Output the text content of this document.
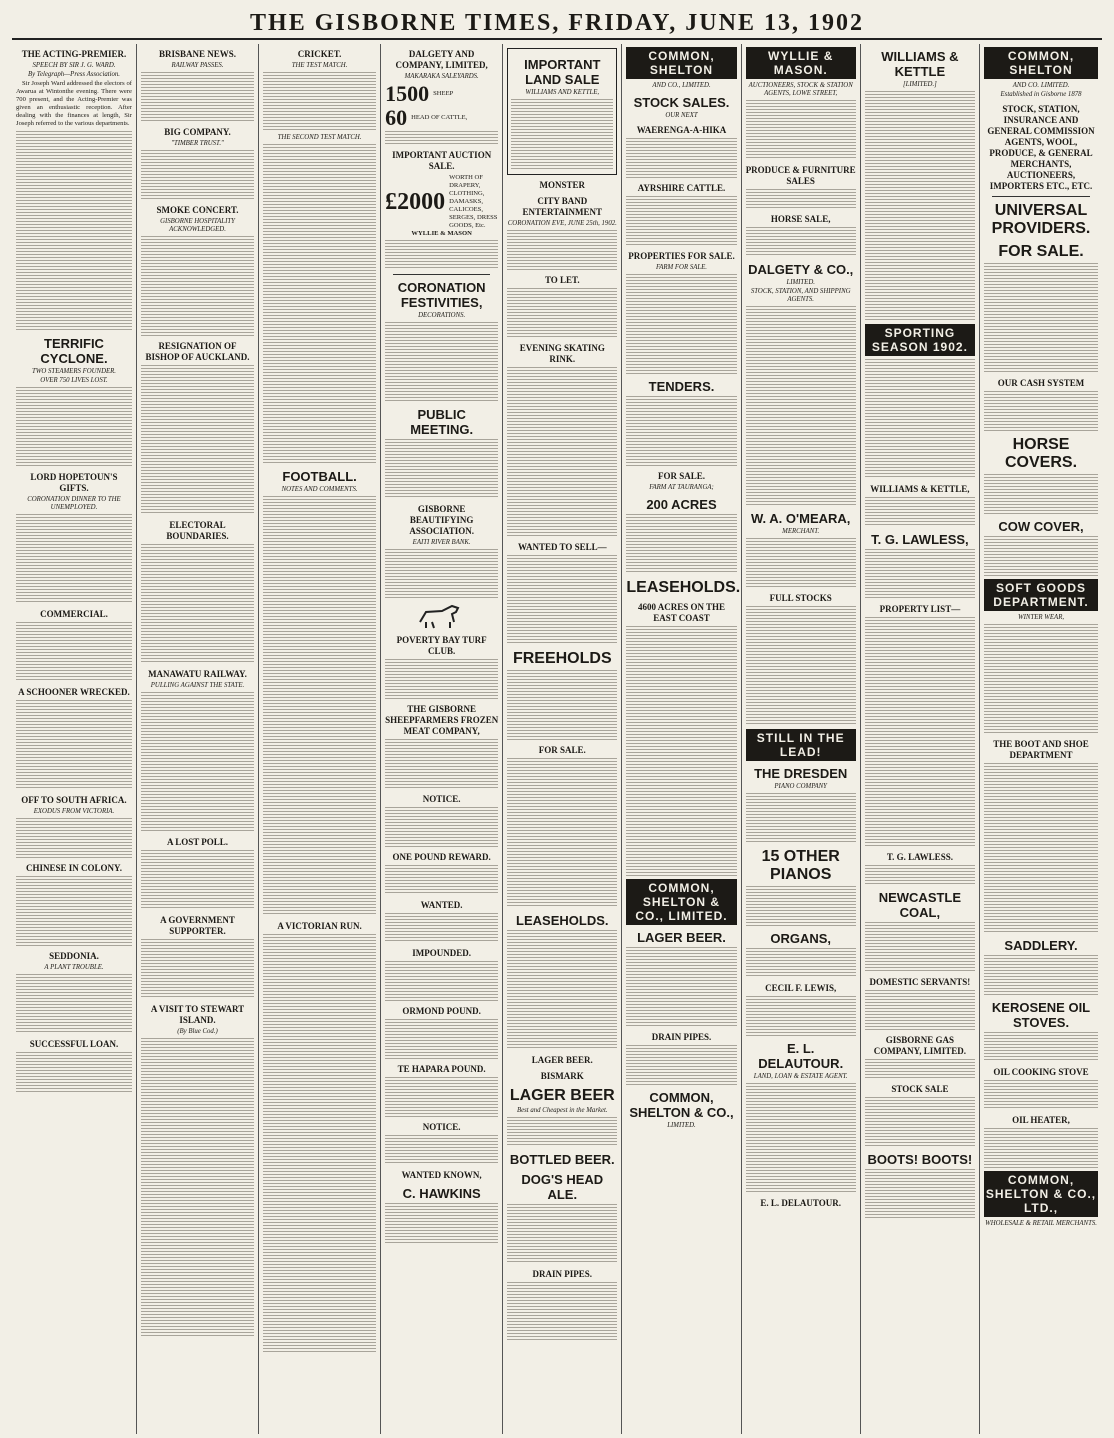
THE GISBORNE TIMES, FRIDAY, JUNE 13, 1902
THE ACTING-PREMIER.
SPEECH BY SIR J. G. WARD.
By Telegraph—Press Association.
Sir Joseph Ward addressed the electors of Awarua at Wintonthe evening. There were 700 present, and the Acting-Premier was given an enthusiastic reception. After dealing with the finances at length, Sir Joseph referred to the various departments.
TERRIFIC CYCLONE.
TWO STEAMERS FOUNDER.
OVER 750 LIVES LOST.
LORD HOPETOUN'S GIFTS.
CORONATION DINNER TO THE UNEMPLOYED.
COMMERCIAL.
A SCHOONER WRECKED.
OFF TO SOUTH AFRICA.
EXODUS FROM VICTORIA.
CHINESE IN COLONY.
SEDDONIA.
A PLANT TROUBLE.
SUCCESSFUL LOAN.
BRISBANE NEWS.
RAILWAY PASSES.
BIG COMPANY.
"TIMBER TRUST."
SMOKE CONCERT.
GISBORNE HOSPITALITY ACKNOWLEDGED.
RESIGNATION OF BISHOP OF AUCKLAND.
ELECTORAL BOUNDARIES.
MANAWATU RAILWAY.
PULLING AGAINST THE STATE.
A LOST POLL.
A GOVERNMENT SUPPORTER.
A VISIT TO STEWART ISLAND.
(By Blue Cod.)
CRICKET.
THE TEST MATCH.
THE SECOND TEST MATCH.
FOOTBALL.
NOTES AND COMMENTS.
A VICTORIAN RUN.
DALGETY AND COMPANY, LIMITED,
MAKARAKA SALEYARDS.
1500 SHEEP
60 HEAD OF CATTLE,
IMPORTANT AUCTION SALE.
£2000
WORTH OF DRAPERY, CLOTHING, DAMASKS, CALICOES, SERGES, DRESS GOODS, Etc.
WYLLIE & MASON
CORONATION FESTIVITIES,
DECORATIONS.
PUBLIC MEETING.
GISBORNE BEAUTIFYING ASSOCIATION.
EAITI RIVER BANK.
POVERTY BAY TURF CLUB.
THE GISBORNE SHEEPFARMERS FROZEN MEAT COMPANY,
NOTICE.
ONE POUND REWARD.
WANTED.
IMPOUNDED.
ORMOND POUND.
TE HAPARA POUND.
NOTICE.
WANTED KNOWN,
C. HAWKINS
IMPORTANT LAND SALE
WILLIAMS AND KETTLE,
MONSTER
CITY BAND ENTERTAINMENT
CORONATION EVE, JUNE 25th, 1902.
TO LET.
EVENING SKATING RINK.
WANTED TO SELL—
FREEHOLDS
FOR SALE.
LEASEHOLDS.
LAGER BEER.
BISMARK
LAGER BEER
Best and Cheapest in the Market.
BOTTLED BEER.
DOG'S HEAD ALE.
DRAIN PIPES.
COMMON, SHELTON
AND CO., LIMITED.
STOCK SALES.
OUR NEXT
WAERENGA-A-HIKA
AYRSHIRE CATTLE.
PROPERTIES FOR SALE.
FARM FOR SALE.
TENDERS.
FOR SALE.
FARM AT TAURANGA;
200 ACRES
LEASEHOLDS.
4600 ACRES ON THE EAST COAST
COMMON, SHELTON & CO., LIMITED.
LAGER BEER.
DRAIN PIPES.
COMMON, SHELTON & CO.,
LIMITED.
WYLLIE & MASON.
AUCTIONEERS, STOCK & STATION AGENTS, LOWE STREET,
PRODUCE & FURNITURE SALES
HORSE SALE,
DALGETY & CO.,
LIMITED.
STOCK, STATION, AND SHIPPING AGENTS.
W. A. O'MEARA,
MERCHANT.
FULL STOCKS
STILL IN THE LEAD!
THE DRESDEN
PIANO COMPANY
15 OTHER PIANOS
ORGANS,
CECIL F. LEWIS,
E. L. DELAUTOUR.
LAND, LOAN & ESTATE AGENT.
E. L. DELAUTOUR.
WILLIAMS & KETTLE
[LIMITED.]
SPORTING SEASON 1902.
WILLIAMS & KETTLE,
T. G. LAWLESS,
PROPERTY LIST—
T. G. LAWLESS.
NEWCASTLE COAL,
DOMESTIC SERVANTS!
GISBORNE GAS COMPANY, LIMITED.
STOCK SALE
BOOTS! BOOTS!
COMMON, SHELTON
AND CO. LIMITED.
Established in Gisborne 1878
STOCK, STATION, INSURANCE AND GENERAL COMMISSION AGENTS, WOOL, PRODUCE, & GENERAL MERCHANTS, AUCTIONEERS, IMPORTERS ETC., ETC.
UNIVERSAL PROVIDERS.
FOR SALE.
OUR CASH SYSTEM
HORSE COVERS.
COW COVER,
SOFT GOODS DEPARTMENT.
WINTER WEAR,
THE BOOT AND SHOE DEPARTMENT
SADDLERY.
KEROSENE OIL STOVES.
OIL COOKING STOVE
OIL HEATER,
COMMON, SHELTON & CO., LTD.,
WHOLESALE & RETAIL MERCHANTS.
